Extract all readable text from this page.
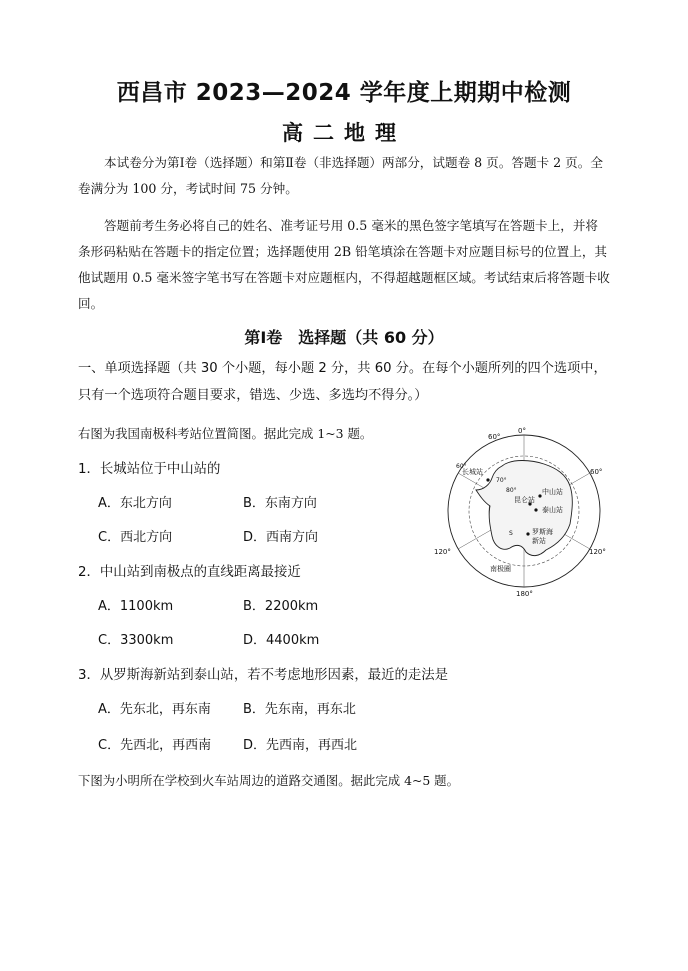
西昌市 2023—2024 学年度上期期中检测
高二地理

本试卷分为第Ⅰ卷（选择题）和第Ⅱ卷（非选择题）两部分，试题卷 8 页。答题卡 2 页。全卷满分为 100 分，考试时间 75 分钟。

答题前考生务必将自己的姓名、准考证号用 0.5 毫米的黑色签字笔填写在答题卡上，并将条形码粘贴在答题卡的指定位置；选择题使用 2B 铅笔填涂在答题卡对应题目标号的位置上，其他试题用 0.5 毫米签字笔书写在答题卡对应题框内，不得超越题框区域。考试结束后将答题卡收回。

第Ⅰ卷　选择题（共 60 分）

一、单项选择题（共 30 个小题，每小题 2 分，共 60 分。在每个小题所列的四个选项中，只有一个选项符合题目要求，错选、少选、多选均不得分。）

右图为我国南极科考站位置简图。据此完成 1~3 题。
1．长城站位于中山站的
A．东北方向	B．东南方向
C．西北方向	D．西南方向
2．中山站到南极点的直线距离最接近
A．1100km	B．2200km
C．3300km	D．4400km
3．从罗斯海新站到泰山站，若不考虑地形因素，最近的走法是
A．先东北，再东南 B．先东南，再东北
C．先西北，再西南 D．先西南，再西北
下图为小明所在学校到火车站周边的道路交通图。据此完成 4~5 题。
0°
60°
60°
120°	120°
180°
80°
70°
60°
长城站
中山站
昆仑站
泰山站
罗斯海
新站
南极圈
S
